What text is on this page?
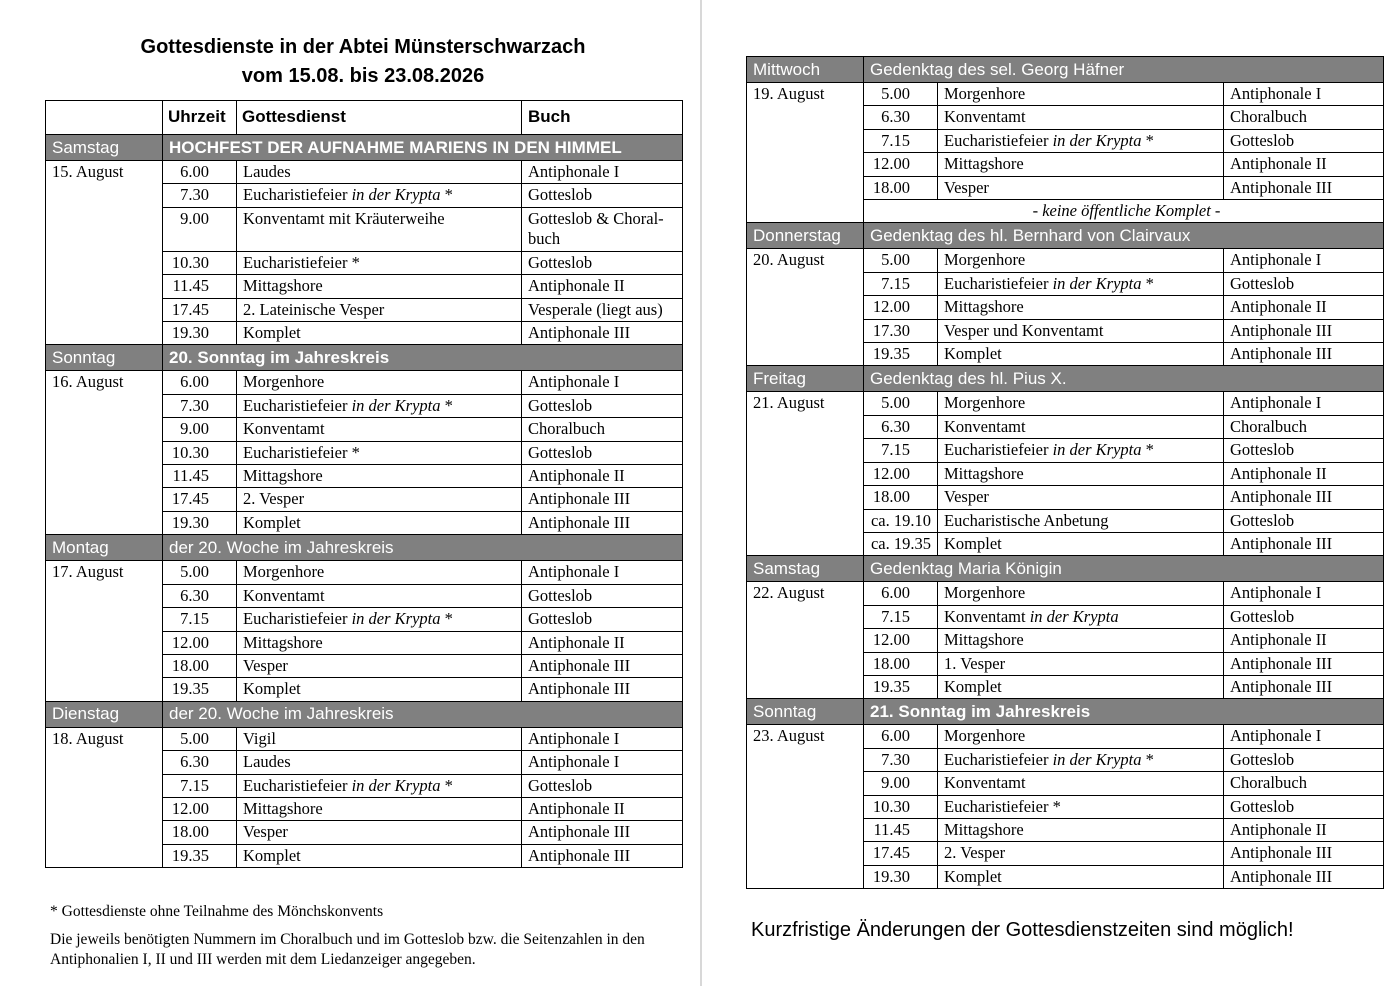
Gottesdienste in der Abtei Münsterschwarzach
vom 15.08. bis 23.08.2026
	Uhrzeit	Gottesdienst	Buch
Samstag	HOCHFEST DER AUFNAHME MARIENS IN DEN HIMMEL		
15. August	6.00	Laudes	Antiphonale I
	7.30	Eucharistiefeier in der Krypta *	Gotteslob
	9.00	Konventamt mit Kräuterweihe	Gotteslob & Choral-buch
	10.30	Eucharistiefeier *	Gotteslob
	11.45	Mittagshore	Antiphonale II
	17.45	2. Lateinische Vesper	Vesperale (liegt aus)
	19.30	Komplet	Antiphonale III
Sonntag	20. Sonntag im Jahreskreis		
16. August	6.00	Morgenhore	Antiphonale I
	7.30	Eucharistiefeier in der Krypta *	Gotteslob
	9.00	Konventamt	Choralbuch
	10.30	Eucharistiefeier *	Gotteslob
	11.45	Mittagshore	Antiphonale II
	17.45	2. Vesper	Antiphonale III
	19.30	Komplet	Antiphonale III
Montag	der 20. Woche im Jahreskreis		
17. August	5.00	Morgenhore	Antiphonale I
	6.30	Konventamt	Gotteslob
	7.15	Eucharistiefeier in der Krypta *	Gotteslob
	12.00	Mittagshore	Antiphonale II
	18.00	Vesper	Antiphonale III
	19.35	Komplet	Antiphonale III
Dienstag	der 20. Woche im Jahreskreis		
18. August	5.00	Vigil	Antiphonale I
	6.30	Laudes	Antiphonale I
	7.15	Eucharistiefeier in der Krypta *	Gotteslob
	12.00	Mittagshore	Antiphonale II
	18.00	Vesper	Antiphonale III
	19.35	Komplet	Antiphonale III
Mittwoch	Gedenktag des sel. Georg Häfner		
19. August	5.00	Morgenhore	Antiphonale I
	6.30	Konventamt	Choralbuch
	7.15	Eucharistiefeier in der Krypta *	Gotteslob
	12.00	Mittagshore	Antiphonale II
	18.00	Vesper	Antiphonale III
	- keine öffentliche Komplet -		
Donnerstag	Gedenktag des hl. Bernhard von Clairvaux		
20. August	5.00	Morgenhore	Antiphonale I
	7.15	Eucharistiefeier in der Krypta *	Gotteslob
	12.00	Mittagshore	Antiphonale II
	17.30	Vesper und Konventamt	Antiphonale III
	19.35	Komplet	Antiphonale III
Freitag	Gedenktag des hl. Pius X.		
21. August	5.00	Morgenhore	Antiphonale I
	6.30	Konventamt	Choralbuch
	7.15	Eucharistiefeier in der Krypta *	Gotteslob
	12.00	Mittagshore	Antiphonale II
	18.00	Vesper	Antiphonale III
	ca. 19.10	Eucharistische Anbetung	Gotteslob
	ca. 19.35	Komplet	Antiphonale III
Samstag	Gedenktag Maria Königin		
22. August	6.00	Morgenhore	Antiphonale I
	7.15	Konventamt in der Krypta	Gotteslob
	12.00	Mittagshore	Antiphonale II
	18.00	1. Vesper	Antiphonale III
	19.35	Komplet	Antiphonale III
Sonntag	21. Sonntag im Jahreskreis		
23. August	6.00	Morgenhore	Antiphonale I
	7.30	Eucharistiefeier in der Krypta *	Gotteslob
	9.00	Konventamt	Choralbuch
	10.30	Eucharistiefeier *	Gotteslob
	11.45	Mittagshore	Antiphonale II
	17.45	2. Vesper	Antiphonale III
	19.30	Komplet	Antiphonale III
* Gottesdienste ohne Teilnahme des Mönchskonvents
Die jeweils benötigten Nummern im Choralbuch und im Gotteslob bzw. die Seitenzahlen in den Antiphonalien I, II und III werden mit dem Liedanzeiger angegeben.
Kurzfristige Änderungen der Gottesdienstzeiten sind möglich!
